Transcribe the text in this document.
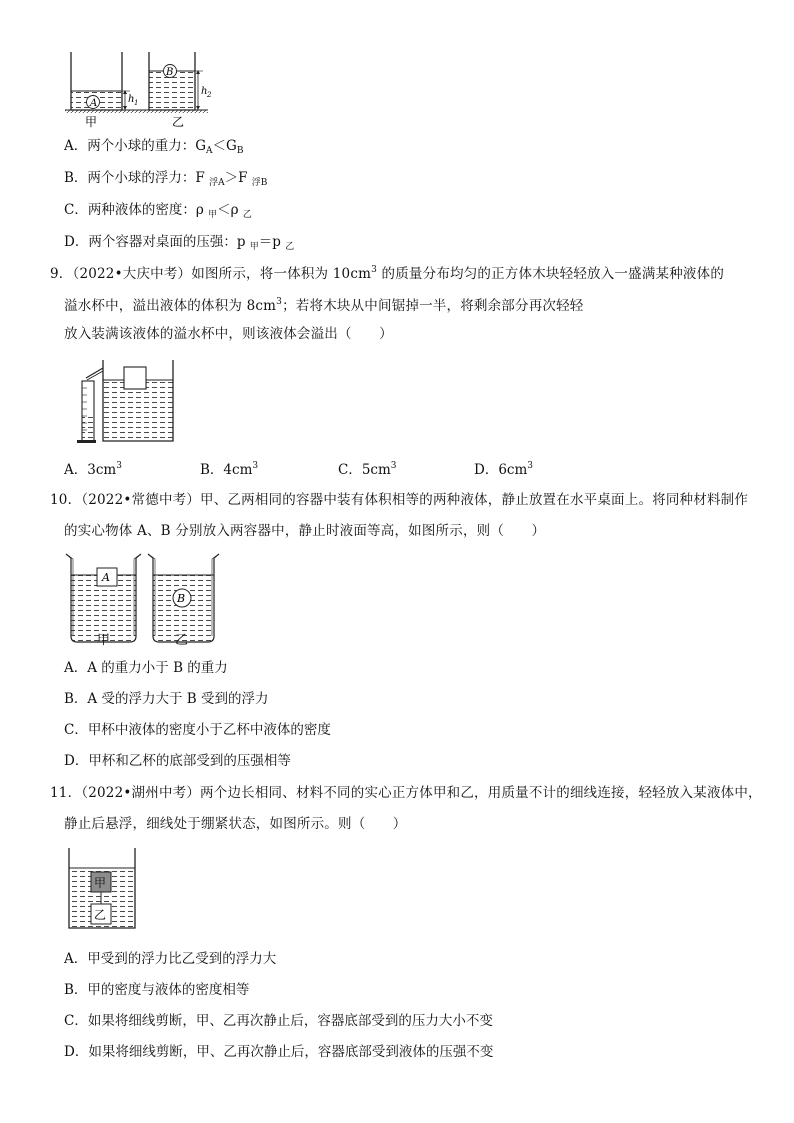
A	h 1
B
h 2
甲	乙
A．两个小球的重力：$G_A<G_B$
B．两个小球的浮力：F $_{浮A}$＞F $_{浮B}$
C．两种液体的密度：ρ $_甲$＜ρ $_乙$
D．两个容器对桌面的压强：p $_甲$＝p $_乙$
9．（2022•大庆中考）如图所示，将一体积为 $10cm^3$ 的质量分布均匀的正方体木块轻轻放入一盛满某种液体的
溢水杯中，溢出液体的体积为 $8cm^3$；若将木块从中间锯掉一半，将剩余部分再次轻轻
放入装满该液体的溢水杯中，则该液体会溢出（　　）
A．$3cm^3$	B．$4cm^3$	C．$5cm^3$	D．$6cm^3$
10．（2022•常德中考）甲、乙两相同的容器中装有体积相等的两种液体，静止放置在水平桌面上。将同种材料制作
的实心物体 A、B 分别放入两容器中，静止时液面等高，如图所示，则（　　）
A
B
甲	乙
A．A 的重力小于 B 的重力
B．A 受的浮力大于 B 受到的浮力
C．甲杯中液体的密度小于乙杯中液体的密度
D．甲杯和乙杯的底部受到的压强相等
11．（2022•湖州中考）两个边长相同、材料不同的实心正方体甲和乙，用质量不计的细线连接，轻轻放入某液体中，
静止后悬浮，细线处于绷紧状态，如图所示。则（　　）
甲
乙
A．甲受到的浮力比乙受到的浮力大
B．甲的密度与液体的密度相等
C．如果将细线剪断，甲、乙再次静止后，容器底部受到的压力大小不变
D．如果将细线剪断，甲、乙再次静止后，容器底部受到液体的压强不变
